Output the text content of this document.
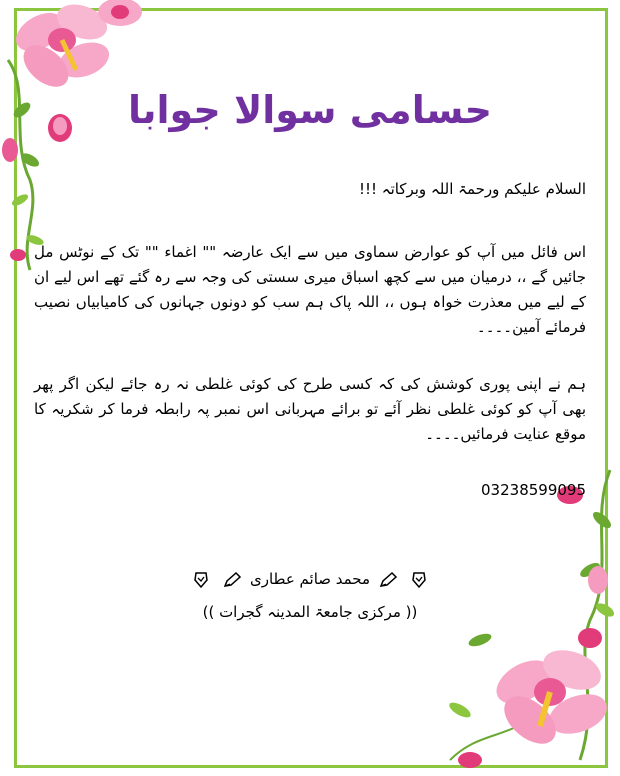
حسامی سوالا جوابا
السلام علیکم ورحمۃ اللہ وبرکاتہ !!!
اس فائل میں آپ کو عوارض سماوی میں سے ایک عارضہ "" اغماء "" تک کے نوٹس مل جائیں گے ،، درمیان میں سے کچھ اسباق میری سستی کی وجہ سے رہ گئے تھے اس لیے ان کے لیے میں معذرت خواہ ہوں ،، اللہ پاک ہم سب کو دونوں جہانوں کی کامیابیاں نصیب فرمائے آمین۔۔۔۔
ہم نے اپنی پوری کوشش کی کہ کسی طرح کی کوئی غلطی نہ رہ جائے لیکن اگر پھر بھی آپ کو کوئی غلطی نظر آئے تو برائے مہربانی اس نمبر پہ رابطہ فرما کر شکریہ کا موقع عنایت فرمائیں۔۔۔۔
03238599095
محمد صائم عطاری
(( مرکزی جامعۃ المدینہ گجرات ))
